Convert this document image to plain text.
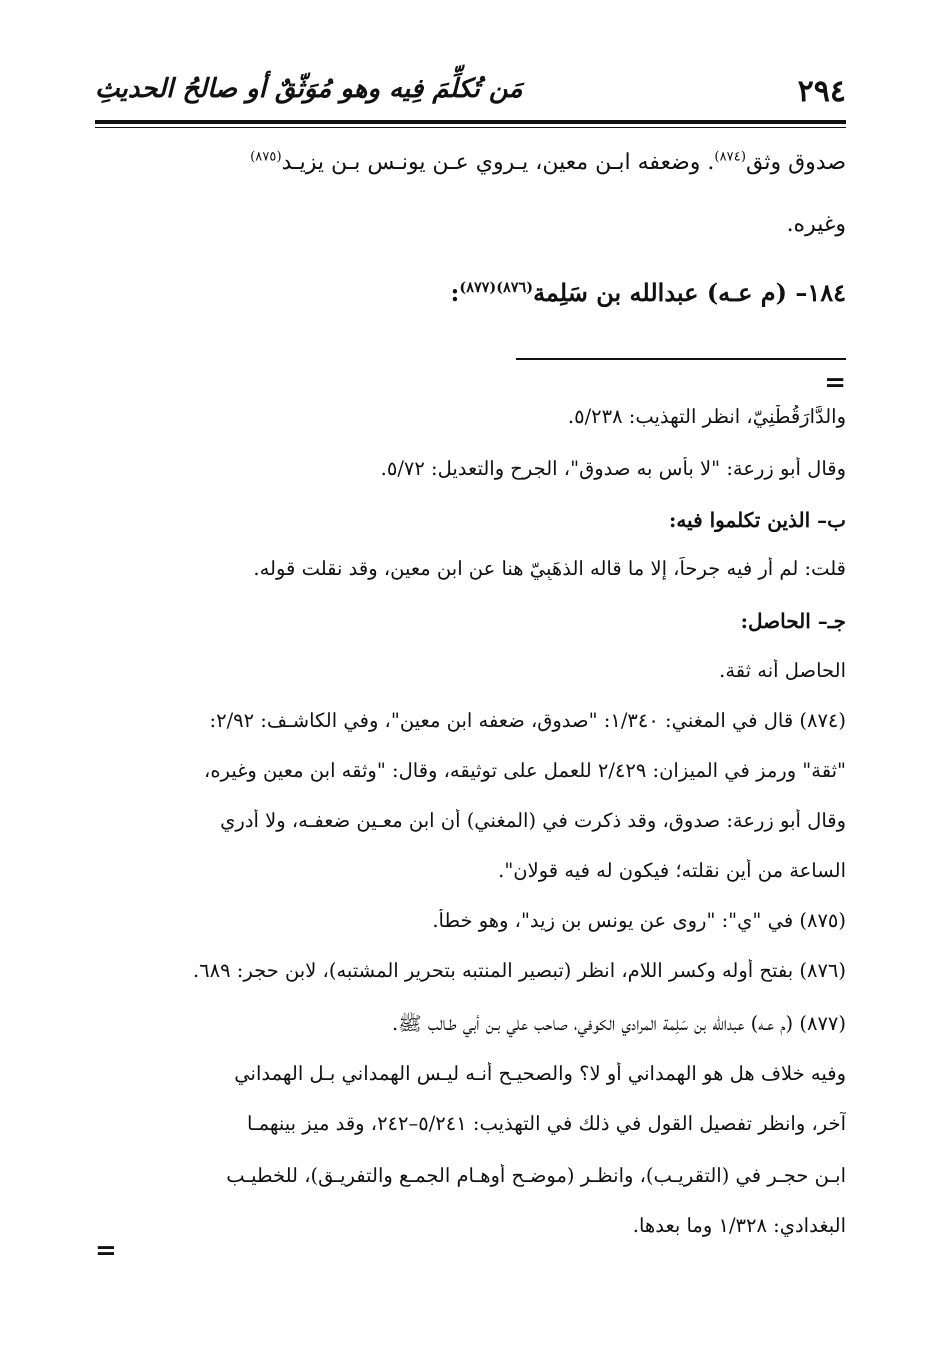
٢٩٤
مَن تُكلِّمَ فِيه وهو مُوَثّقٌ أو صالحُ الحديثِ
صدوق وثق$^{(٨٧٤)}$. وضعفه ابـن معين، يـروي عـن يونـس بـن يزيـد$^{(٨٧٥)}$
وغيره.
١٨٤– (م عـه) عبدالله بن سَلِمة$^{(٨٧٦)(٨٧٧)}$:
=
والدَّارَقُطْنِيّ، انظر التهذيب: ٥/٢٣٨.
وقال أبو زرعة: "لا بأس به صدوق"، الجرح والتعديل: ٥/٧٢.
ب– الذين تكلموا فيه:
قلت: لم أر فيه جرحاً، إلا ما قاله الذهَبِيّ هنا عن ابن معين، وقد نقلت قوله.
جـ– الحاصل:
الحاصل أنه ثقة.
(٨٧٤) قال في المغني: ١/٣٤٠: "صدوق، ضعفه ابن معين"، وفي الكاشـف: ٢/٩٢:
"ثقة" ورمز في الميزان: ٢/٤٢٩ للعمل على توثيقه، وقال: "وثقه ابن معين وغيره،
وقال أبو زرعة: صدوق، وقد ذكرت في (المغني) أن ابن معـين ضعفـه، ولا أدري
الساعة من أين نقلته؛ فيكون له فيه قولان".
(٨٧٥) في "ي": "روى عن يونس بن زيد"، وهو خطأ.
(٨٧٦) بفتح أوله وكسر اللام، انظر (تبصير المنتبه بتحرير المشتبه)، لابن حجر: ٦٨٩.
(٨٧٧) (م عـه) عبدالله بن سَلِمة المرادي الكوفي، صاحب علي بـن أبي طـالب ﷺ.
وفيه خلاف هل هو الهمداني أو لا؟ والصحيـح أنـه ليـس الهمداني بـل الهمداني
آخر، وانظر تفصيل القول في ذلك في التهذيب: ٥/٢٤١–٢٤٢، وقد ميز بينهمـا
ابـن حجـر في (التقريـب)، وانظـر (موضـح أوهـام الجمـع والتفريـق)، للخطيـب
البغدادي: ١/٣٢٨ وما بعدها.
=
